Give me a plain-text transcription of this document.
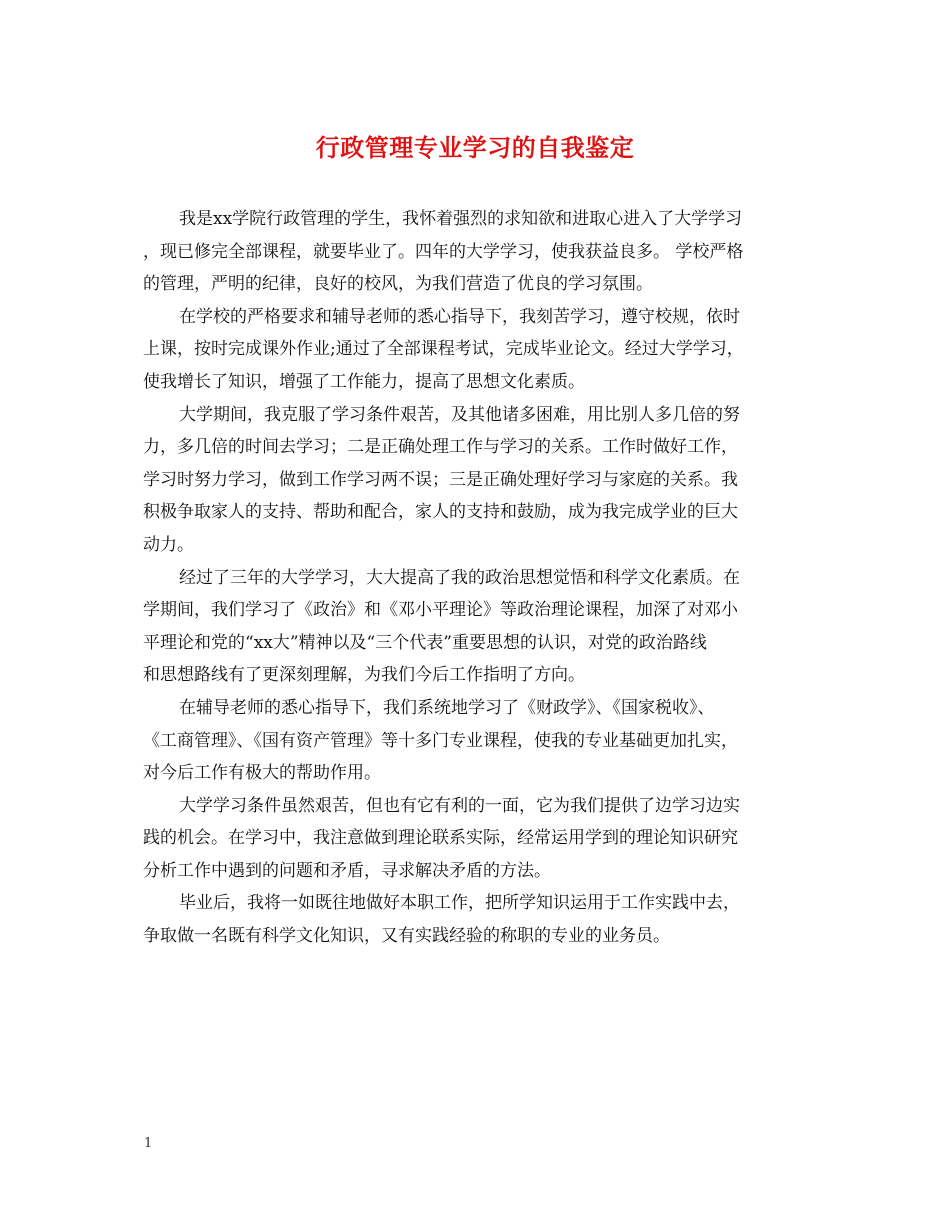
行政管理专业学习的自我鉴定
我是xx学院行政管理的学生，我怀着强烈的求知欲和进取心进入了大学学习
，现已修完全部课程，就要毕业了。四年的大学学习，使我获益良多。 学校严格
的管理，严明的纪律，良好的校风，为我们营造了优良的学习氛围。
在学校的严格要求和辅导老师的悉心指导下，我刻苦学习，遵守校规，依时
上课，按时完成课外作业;通过了全部课程考试，完成毕业论文。经过大学学习，
使我增长了知识，增强了工作能力，提高了思想文化素质。
大学期间，我克服了学习条件艰苦，及其他诸多困难，用比别人多几倍的努
力，多几倍的时间去学习；二是正确处理工作与学习的关系。工作时做好工作，
学习时努力学习，做到工作学习两不误；三是正确处理好学习与家庭的关系。我
积极争取家人的支持、帮助和配合，家人的支持和鼓励，成为我完成学业的巨大
动力。
经过了三年的大学学习，大大提高了我的政治思想觉悟和科学文化素质。在
学期间，我们学习了《政治》和《邓小平理论》等政治理论课程，加深了对邓小
平理论和党的“xx大”精神以及“三个代表”重要思想的认识，对党的政治路线
和思想路线有了更深刻理解，为我们今后工作指明了方向。
在辅导老师的悉心指导下，我们系统地学习了《财政学》、《国家税收》、
《工商管理》、《国有资产管理》等十多门专业课程，使我的专业基础更加扎实，
对今后工作有极大的帮助作用。
大学学习条件虽然艰苦，但也有它有利的一面，它为我们提供了边学习边实
践的机会。在学习中，我注意做到理论联系实际，经常运用学到的理论知识研究
分析工作中遇到的问题和矛盾，寻求解决矛盾的方法。
毕业后，我将一如既往地做好本职工作，把所学知识运用于工作实践中去，
争取做一名既有科学文化知识，又有实践经验的称职的专业的业务员。
1
